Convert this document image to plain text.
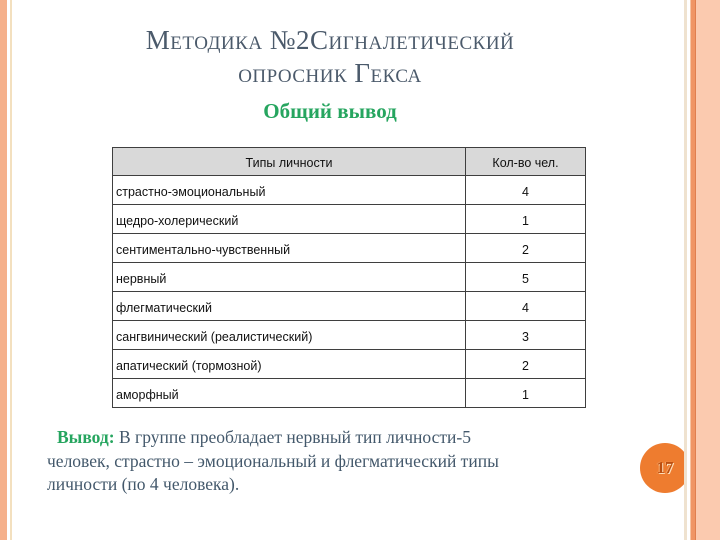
Методика №2Сигналетический
опросник Гекса
Общий вывод
Типы личности	Кол-во чел.
страстно-эмоциональный	4
щедро-холерический	1
сентиментально-чувственный	2
нервный	5
флегматический	4
сангвинический (реалистический)	3
апатический (тормозной)	2
аморфный	1
Вывод: В группе преобладает нервный тип личности-5
человек, страстно – эмоциональный и флегматический типы
личности (по 4 человека).
17
